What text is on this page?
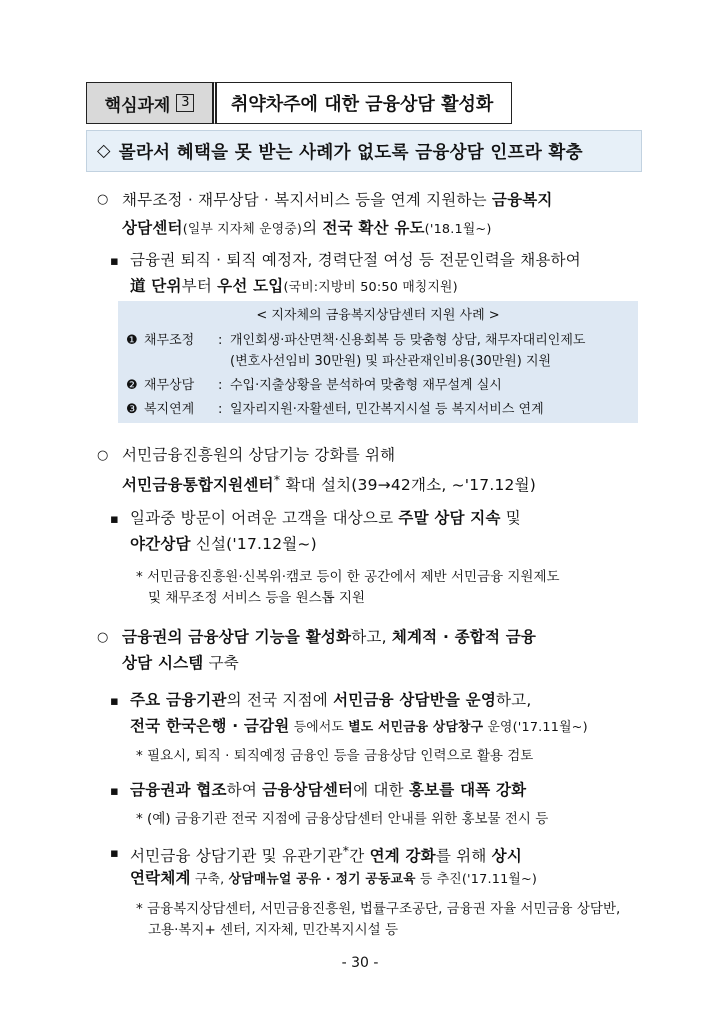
핵심과제 3 취약차주에 대한 금융상담 활성화
◇ 몰라서 혜택을 못 받는 사례가 없도록 금융상담 인프라 확충
○ 채무조정 · 재무상담 · 복지서비스 등을 연계 지원하는 금융복지
상담센터(일부 지자체 운영중)의 전국 확산 유도('18.1월~)
▪ 금융권 퇴직 · 퇴직 예정자, 경력단절 여성 등 전문인력을 채용하여
道 단위부터 우선 도입(국비:지방비 50:50 매칭지원)
< 지자체의 금융복지상담센터 지원 사례 >
❶ 채무조정 : 개인회생·파산면책·신용회복 등 맞춤형 상담, 채무자대리인제도
(변호사선임비 30만원) 및 파산관재인비용(30만원) 지원
❷ 재무상담 : 수입·지출상황을 분석하여 맞춤형 재무설계 실시
❸ 복지연계 : 일자리지원·자활센터, 민간복지시설 등 복지서비스 연계
○ 서민금융진흥원의 상담기능 강화를 위해
서민금융통합지원센터* 확대 설치(39→42개소, ~'17.12월)
▪ 일과중 방문이 어려운 고객을 대상으로 주말 상담 지속 및
야간상담 신설('17.12월~)
* 서민금융진흥원·신복위·캠코 등이 한 공간에서 제반 서민금융 지원제도
및 채무조정 서비스 등을 원스톱 지원
○ 금융권의 금융상담 기능을 활성화하고, 체계적 · 종합적 금융
상담 시스템 구축
▪ 주요 금융기관의 전국 지점에 서민금융 상담반을 운영하고,
전국 한국은행 · 금감원 등에서도 별도 서민금융 상담창구 운영('17.11월~)
* 필요시, 퇴직 · 퇴직예정 금융인 등을 금융상담 인력으로 활용 검토
▪ 금융권과 협조하여 금융상담센터에 대한 홍보를 대폭 강화
* (예) 금융기관 전국 지점에 금융상담센터 안내를 위한 홍보물 전시 등
▪ 서민금융 상담기관 및 유관기관*간 연계 강화를 위해 상시
연락체계 구축, 상담매뉴얼 공유 · 정기 공동교육 등 추진('17.11월~)
* 금융복지상담센터, 서민금융진흥원, 법률구조공단, 금융권 자율 서민금융 상담반,
고용·복지+ 센터, 지자체, 민간복지시설 등
- 30 -
